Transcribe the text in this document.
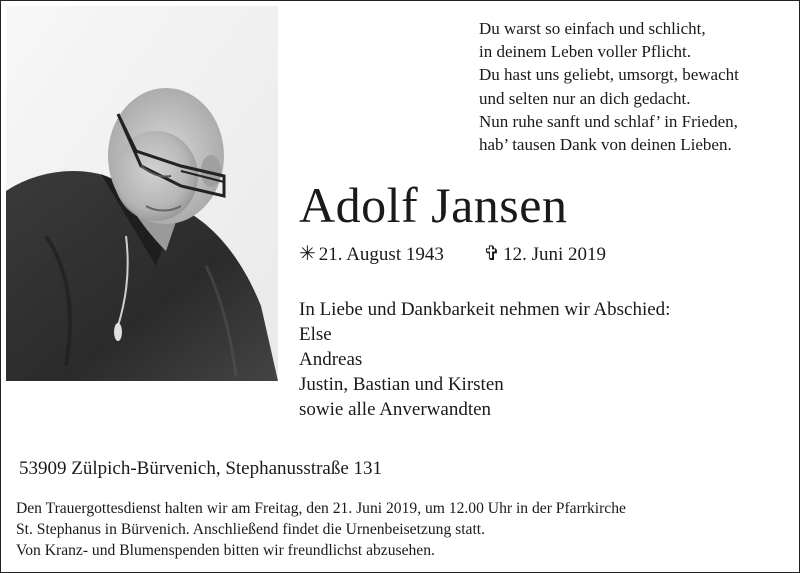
Du warst so einfach und schlicht,
in deinem Leben voller Pflicht.
Du hast uns geliebt, umsorgt, bewacht
und selten nur an dich gedacht.
Nun ruhe sanft und schlaf’ in Frieden,
hab’ tausen Dank von deinen Lieben.
Adolf Jansen
✳ 21. August 1943 ✞ 12. Juni 2019
In Liebe und Dankbarkeit nehmen wir Abschied:
Else
Andreas
Justin, Bastian und Kirsten
sowie alle Anverwandten
53909 Zülpich-Bürvenich, Stephanusstraße 131
Den Trauergottesdienst halten wir am Freitag, den 21. Juni 2019, um 12.00 Uhr in der Pfarrkirche
St. Stephanus in Bürvenich. Anschließend findet die Urnenbeisetzung statt.
Von Kranz- und Blumenspenden bitten wir freundlichst abzusehen.
